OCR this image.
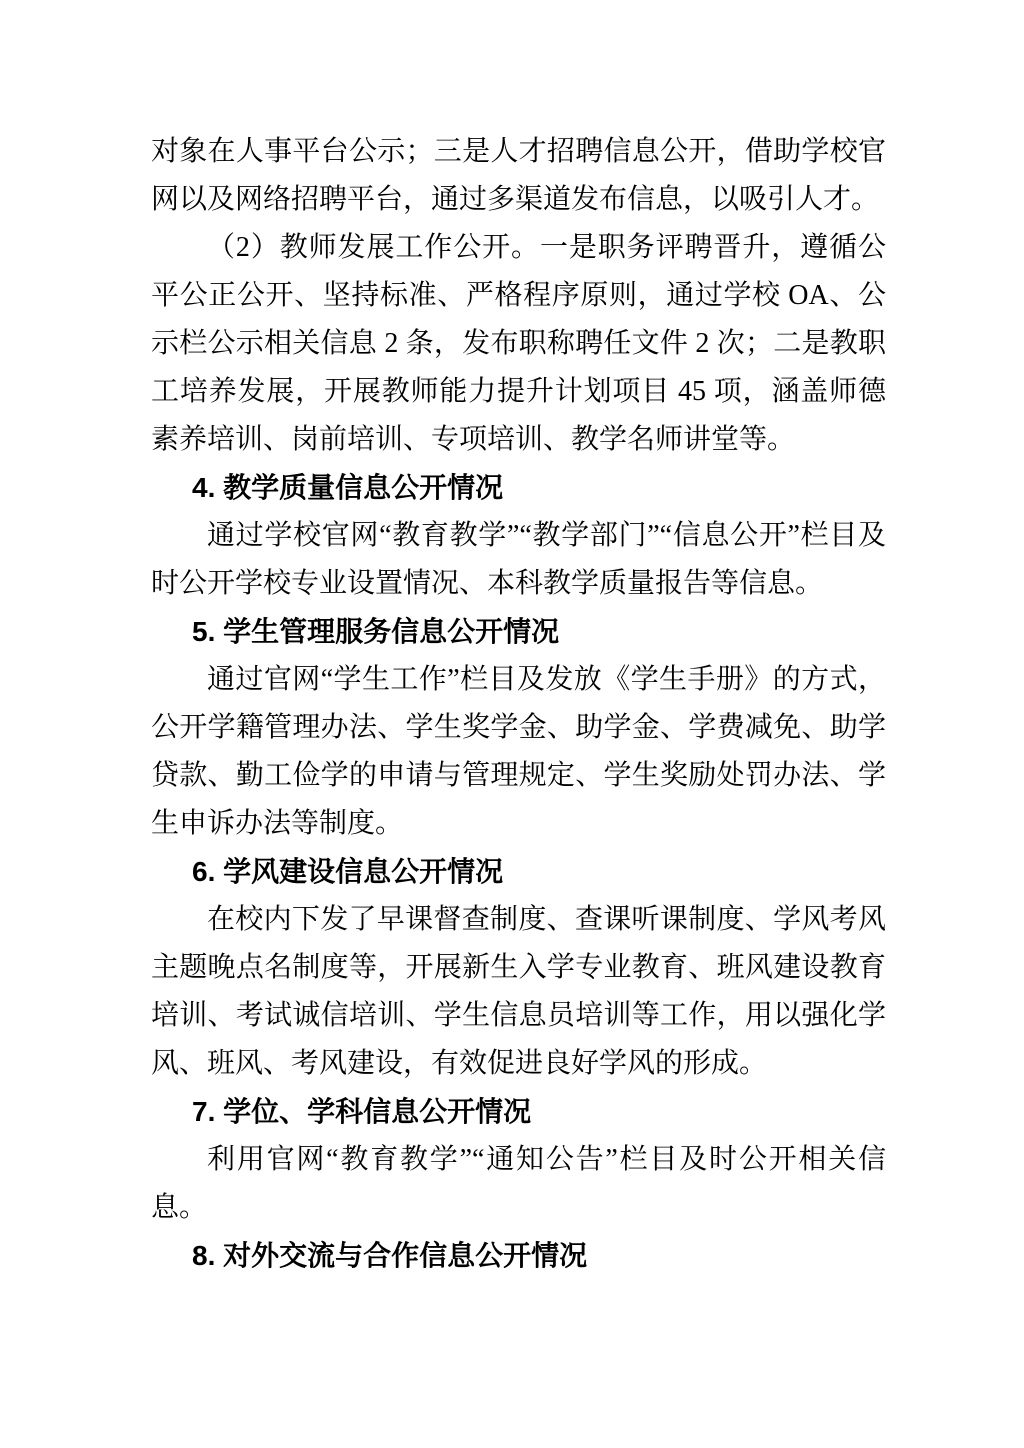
对象在人事平台公示；三是人才招聘信息公开，借助学校官网以及网络招聘平台，通过多渠道发布信息，以吸引人才。

（2）教师发展工作公开。一是职务评聘晋升，遵循公平公正公开、坚持标准、严格程序原则，通过学校 OA、公示栏公示相关信息 2 条，发布职称聘任文件 2 次；二是教职工培养发展，开展教师能力提升计划项目 45 项，涵盖师德素养培训、岗前培训、专项培训、教学名师讲堂等。

4. 教学质量信息公开情况

通过学校官网“教育教学”“教学部门”“信息公开”栏目及时公开学校专业设置情况、本科教学质量报告等信息。

5. 学生管理服务信息公开情况

通过官网“学生工作”栏目及发放《学生手册》的方式，公开学籍管理办法、学生奖学金、助学金、学费减免、助学贷款、勤工俭学的申请与管理规定、学生奖励处罚办法、学生申诉办法等制度。

6. 学风建设信息公开情况

在校内下发了早课督查制度、查课听课制度、学风考风主题晚点名制度等，开展新生入学专业教育、班风建设教育培训、考试诚信培训、学生信息员培训等工作，用以强化学风、班风、考风建设，有效促进良好学风的形成。

7. 学位、学科信息公开情况

利用官网“教育教学”“通知公告”栏目及时公开相关信息。

8. 对外交流与合作信息公开情况
